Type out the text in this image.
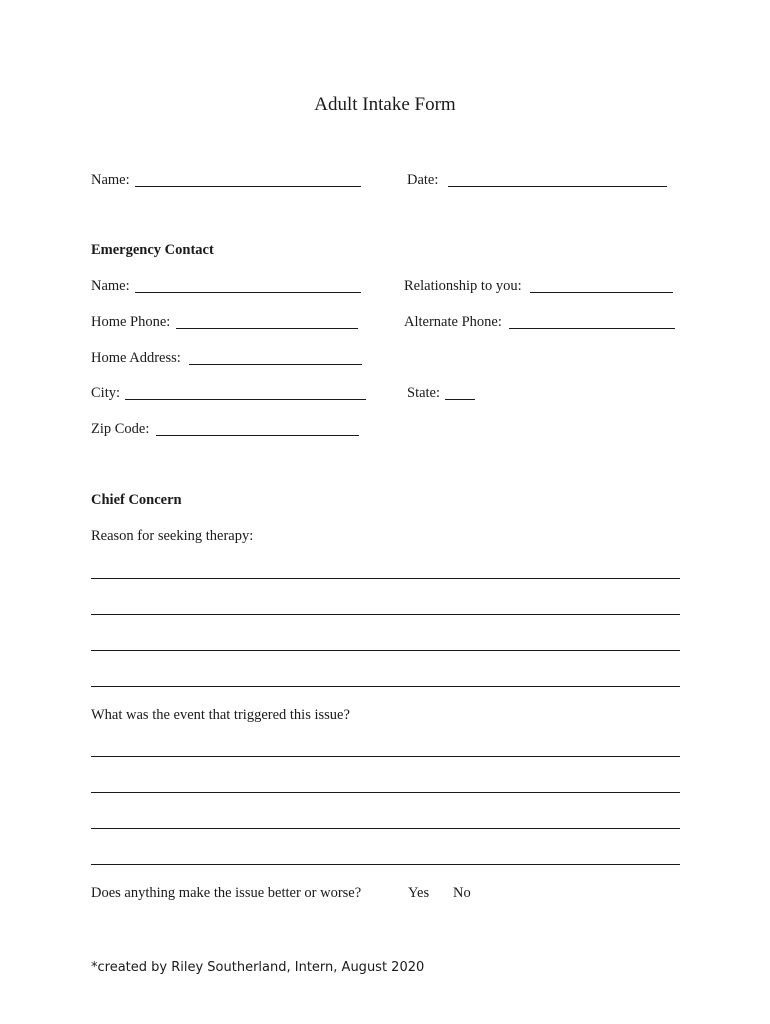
Adult Intake Form
Name:	Date:
Emergency Contact
Name:	Relationship to you:
Home Phone:	Alternate Phone:
Home Address:
City:	State:
Zip Code:
Chief Concern
Reason for seeking therapy:
What was the event that triggered this issue?
Does anything make the issue better or worse?	Yes No
*created by Riley Southerland, Intern, August 2020
